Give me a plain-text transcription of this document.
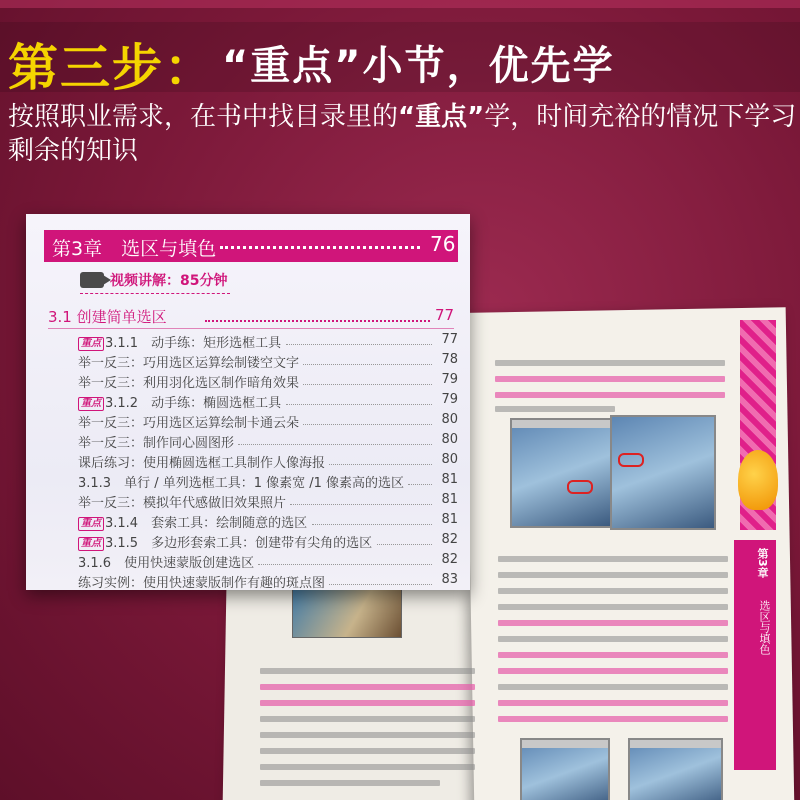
第三步： “重点”小节，优先学
按照职业需求，在书中找目录里的“重点”学，时间充裕的情况下学习剩余的知识
第3章
选区与填色
第3章　选区与填色	76
视频讲解：85分钟
3.1 创建简单选区	77
重点 3.1.1　动手练：矩形选框工具	77
举一反三：巧用选区运算绘制镂空文字	78
举一反三：利用羽化选区制作暗角效果	79
重点 3.1.2　动手练：椭圆选框工具	79
举一反三：巧用选区运算绘制卡通云朵	80
举一反三：制作同心圆图形	80
课后练习：使用椭圆选框工具制作人像海报	80
3.1.3　单行 / 单列选框工具：1 像素宽 /1 像素高的选区	81
举一反三：模拟年代感做旧效果照片	81
重点 3.1.4　套索工具：绘制随意的选区	81
重点 3.1.5　多边形套索工具：创建带有尖角的选区	82
3.1.6　使用快速蒙版创建选区	82
练习实例：使用快速蒙版制作有趣的斑点图	83
